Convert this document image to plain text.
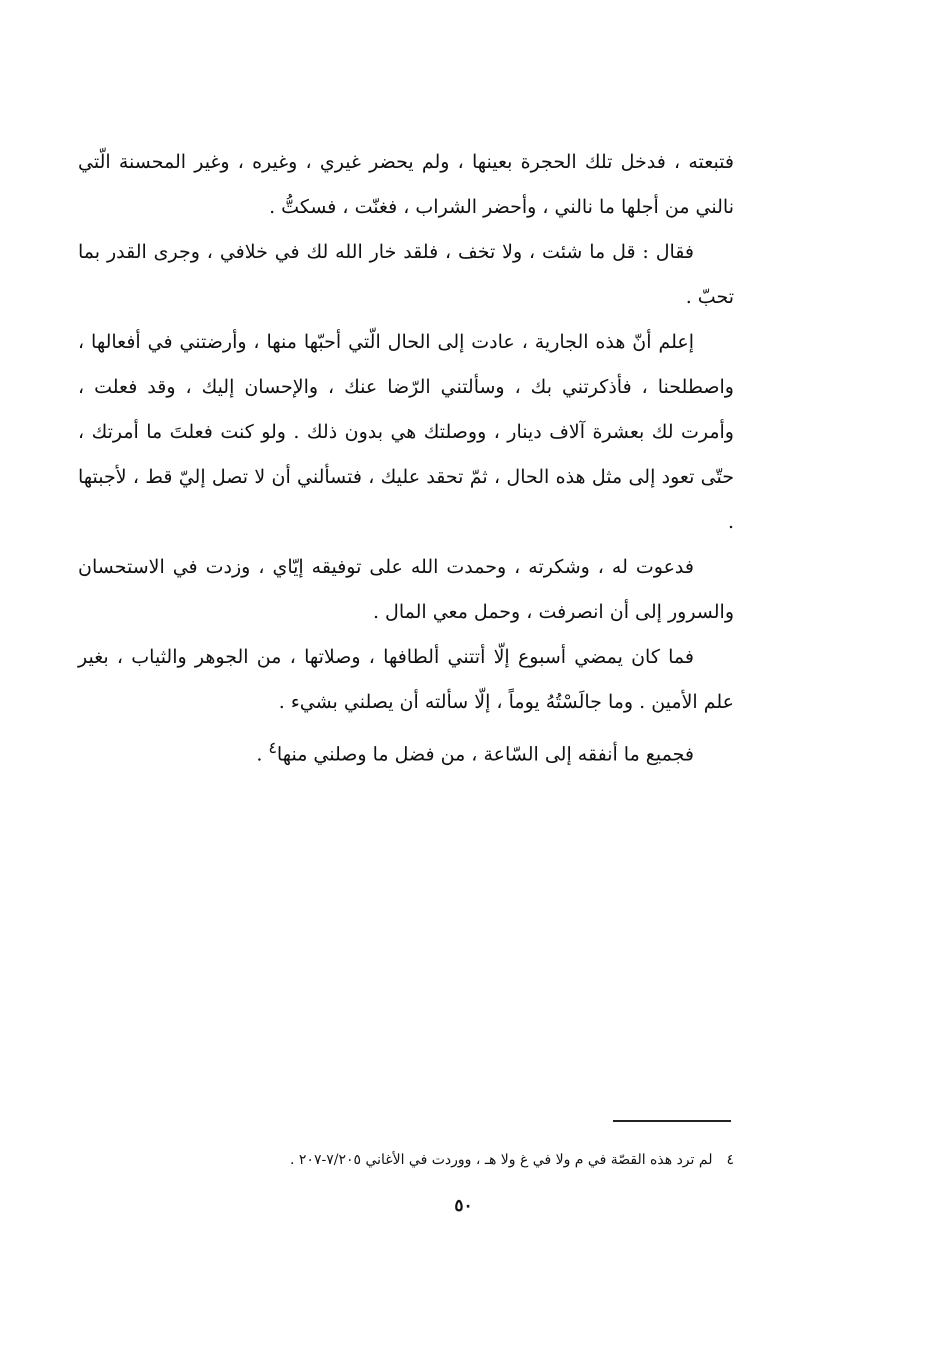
فتبعته ، فدخل تلك الحجرة بعينها ، ولم يحضر غيري ، وغيره ، وغير المحسنة الّتي نالني من أجلها ما نالني ، وأحضر الشراب ، فغنّت ، فسكتُّ .

فقال : قل ما شئت ، ولا تخف ، فلقد خار الله لك في خلافي ، وجرى القدر بما تحبّ .

إعلم أنّ هذه الجارية ، عادت إلى الحال الّتي أحبّها منها ، وأرضتني في أفعالها ، واصطلحنا ، فأذكرتني بك ، وسألتني الرّضا عنك ، والإحسان إليك ، وقد فعلت ، وأمرت لك بعشرة آلاف دينار ، ووصلتك هي بدون ذلك . ولو كنت فعلتَ ما أمرتك ، حتّى تعود إلى مثل هذه الحال ، ثمّ تحقد عليك ، فتسألني أن لا تصل إليّ قط ، لأجبتها .

فدعوت له ، وشكرته ، وحمدت الله على توفيقه إيّاي ، وزدت في الاستحسان والسرور إلى أن انصرفت ، وحمل معي المال .

فما كان يمضي أسبوع إلّا أتتني ألطافها ، وصلاتها ، من الجوهر والثياب ، بغير علم الأمين . وما جالَسْتُهُ يوماً ، إلّا سألته أن يصلني بشيء .

فجميع ما أنفقه إلى السّاعة ، من فضل ما وصلني منها$^٤$ .

٤لم ترد هذه القصّة في م ولا في غ ولا هـ ، ووردت في الأغاني ٧/٢٠٥-٢٠٧ .
٥٠
